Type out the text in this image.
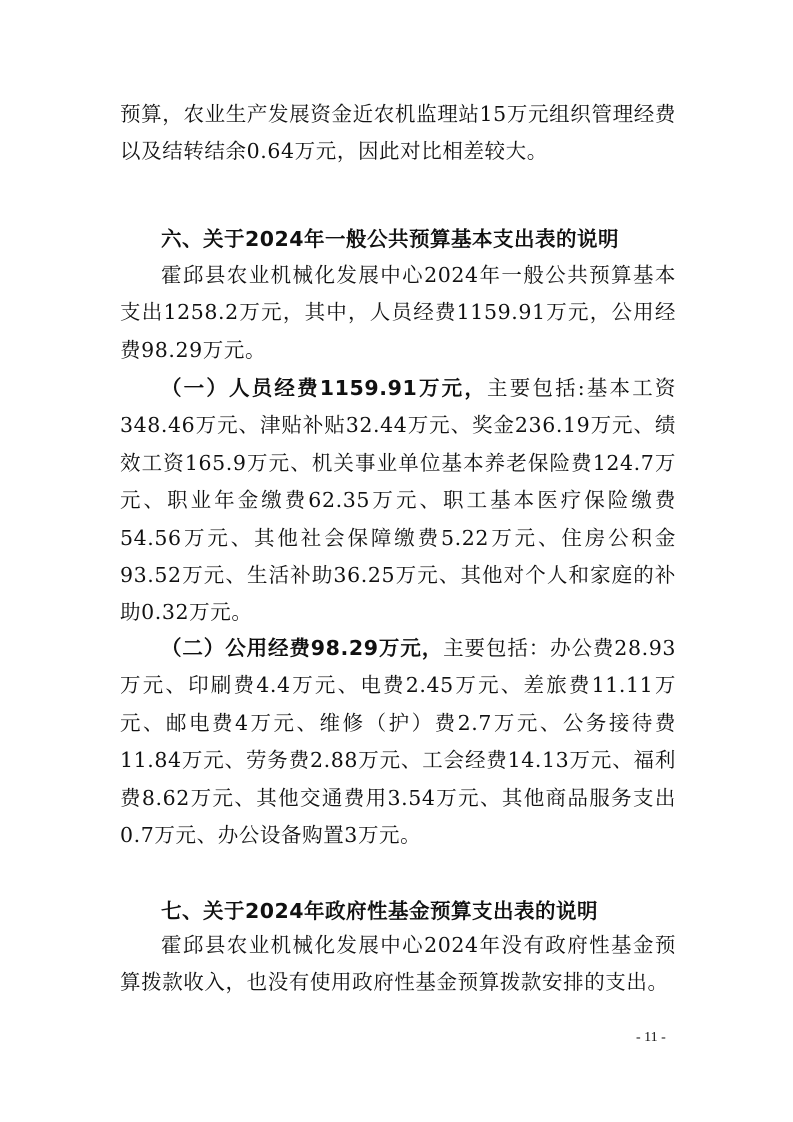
预算，农业生产发展资金近农机监理站15万元组织管理经费以及结转结余0.64万元，因此对比相差较大。

六、关于2024年一般公共预算基本支出表的说明

霍邱县农业机械化发展中心2024年一般公共预算基本支出1258.2万元，其中，人员经费1159.91万元，公用经费98.29万元。

（一）人员经费1159.91万元，主要包括:基本工资348.46万元、津贴补贴32.44万元、奖金236.19万元、绩效工资165.9万元、机关事业单位基本养老保险费124.7万元、职业年金缴费62.35万元、职工基本医疗保险缴费54.56万元、其他社会保障缴费5.22万元、住房公积金93.52万元、生活补助36.25万元、其他对个人和家庭的补助0.32万元。

（二）公用经费98.29万元，主要包括：办公费28.93万元、印刷费4.4万元、电费2.45万元、差旅费11.11万元、邮电费4万元、维修（护）费2.7万元、公务接待费11.84万元、劳务费2.88万元、工会经费14.13万元、福利费8.62万元、其他交通费用3.54万元、其他商品服务支出0.7万元、办公设备购置3万元。

七、关于2024年政府性基金预算支出表的说明

霍邱县农业机械化发展中心2024年没有政府性基金预算拨款收入，也没有使用政府性基金预算拨款安排的支出。

- 11 -
